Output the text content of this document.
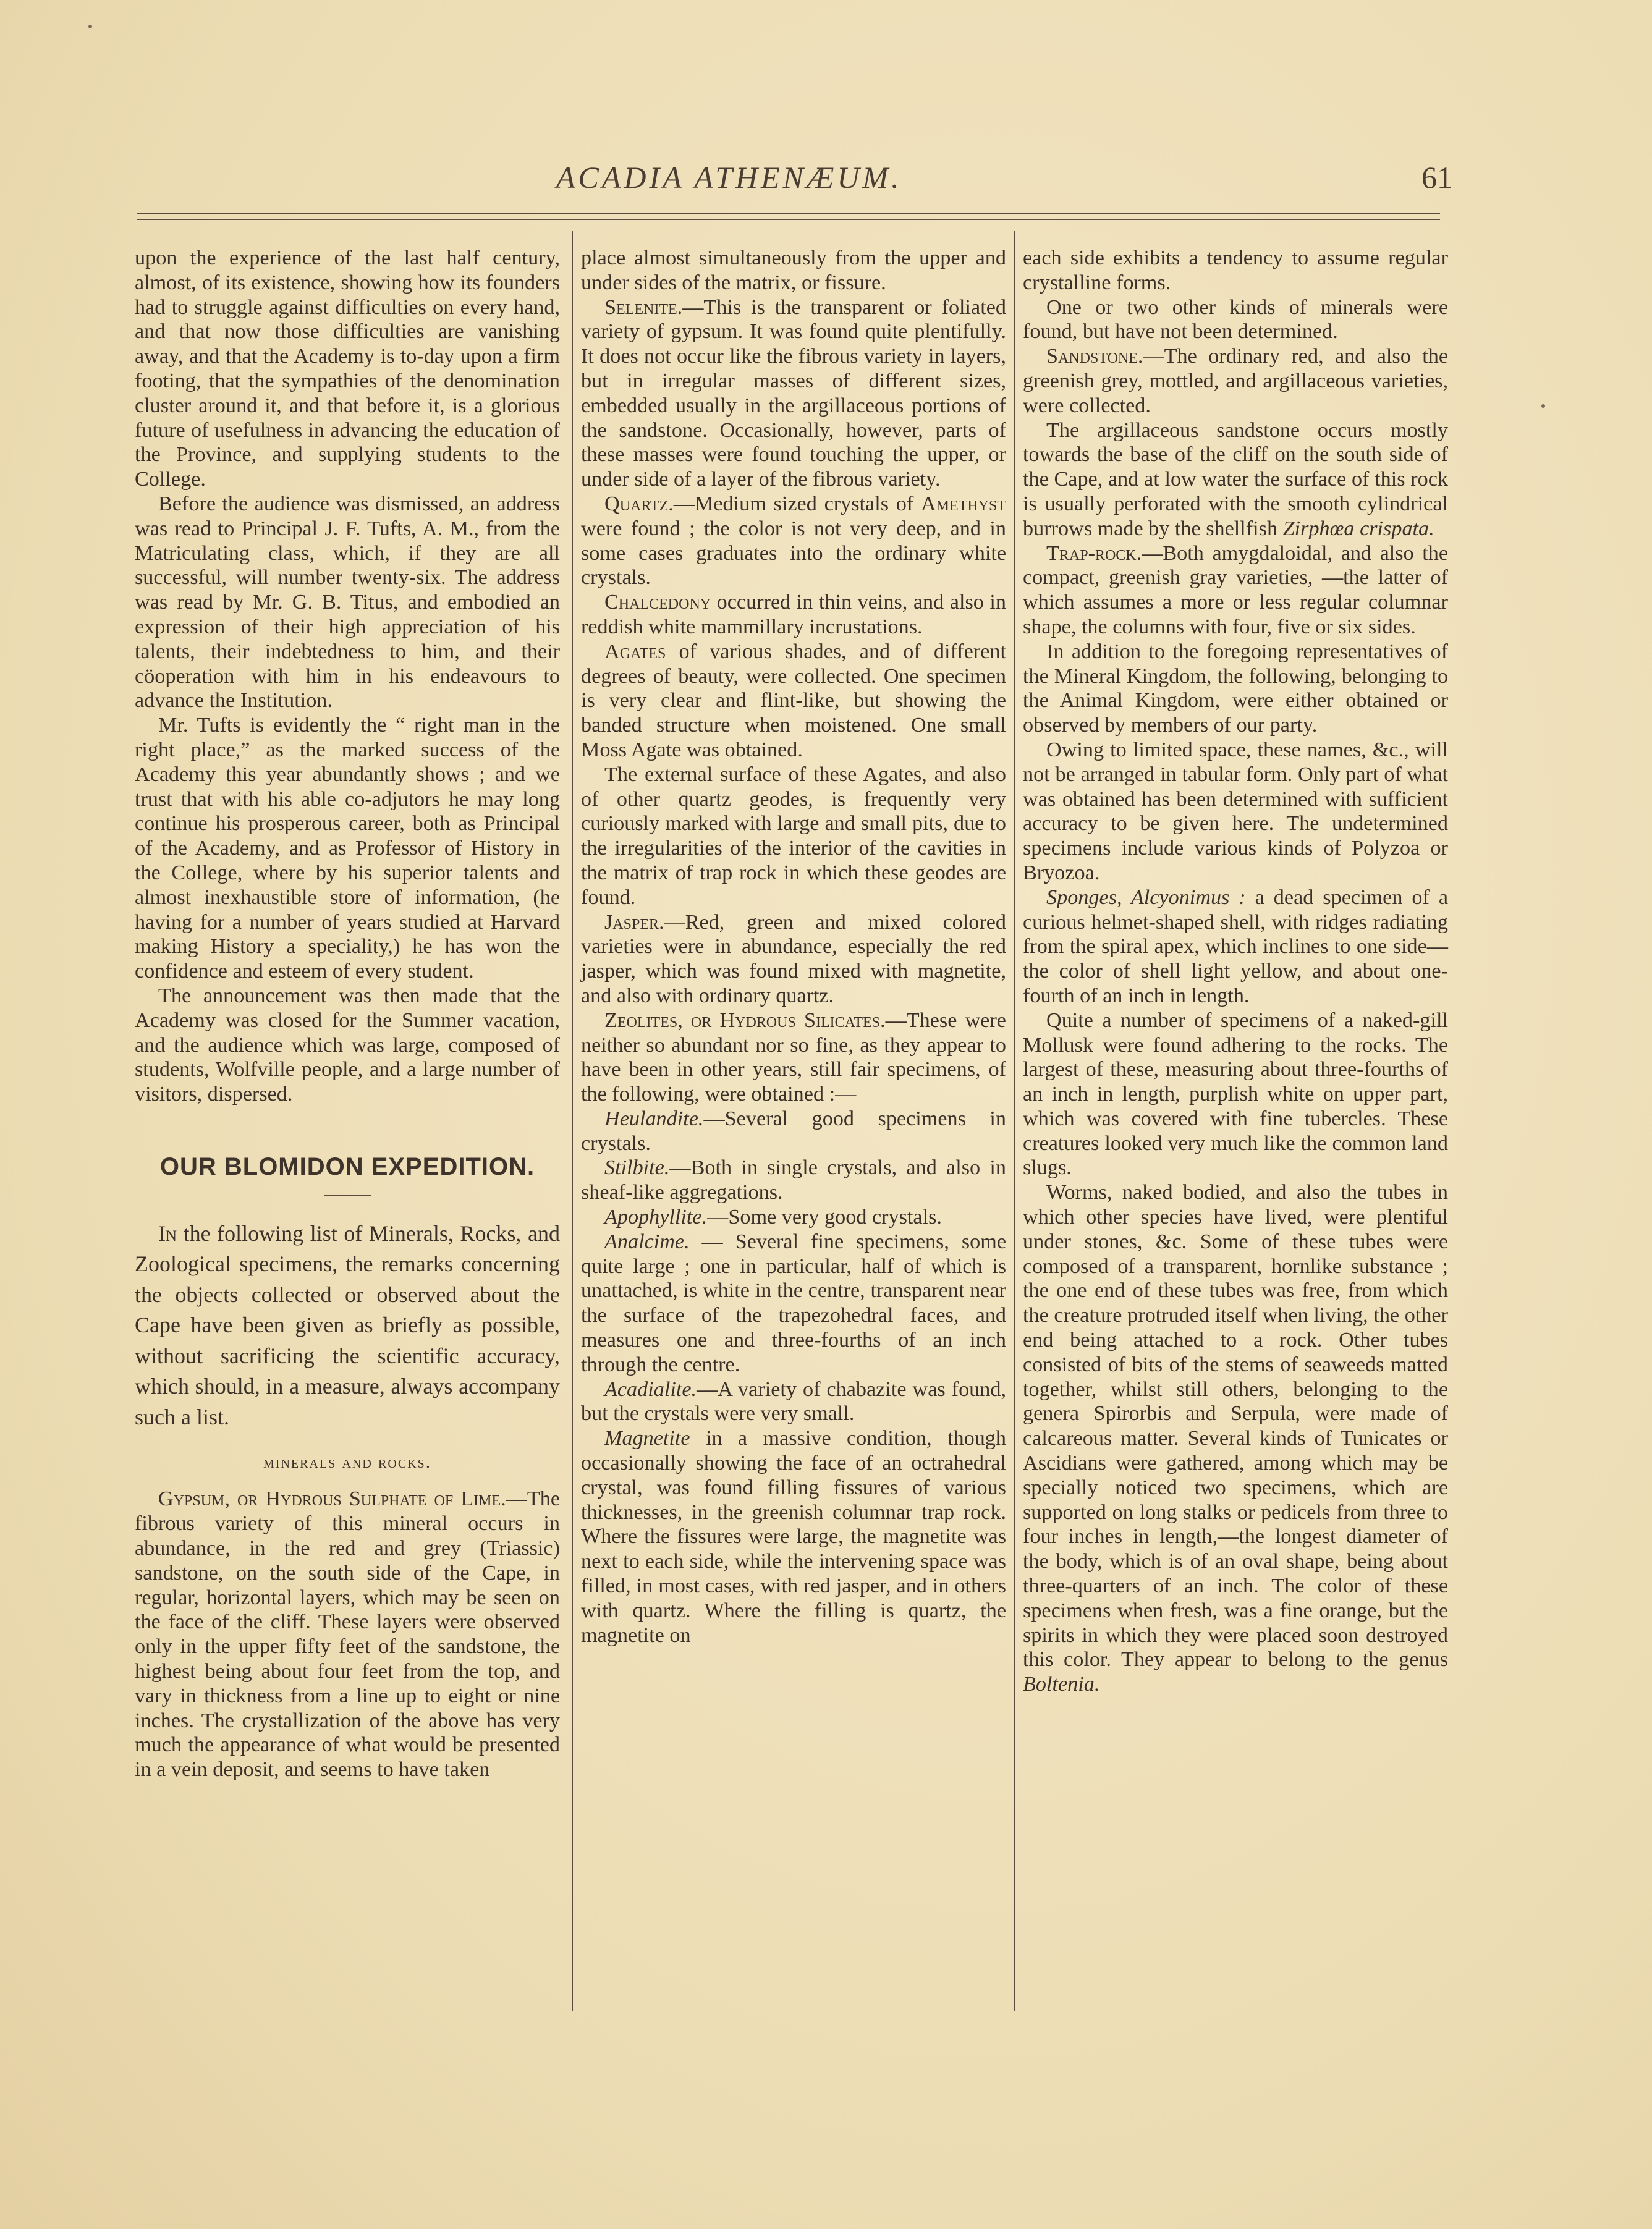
ACADIA ATHENÆUM.	61

upon the experience of the last half century, almost, of its existence, showing how its founders had to struggle against difficulties on every hand, and that now those difficulties are vanishing away, and that the Academy is to-day upon a firm footing, that the sympathies of the denomination cluster around it, and that before it, is a glorious future of usefulness in advancing the education of the Province, and supplying students to the College.

Before the audience was dismissed, an address was read to Principal J. F. Tufts, A. M., from the Matriculating class, which, if they are all successful, will number twenty-six. The address was read by Mr. G. B. Titus, and embodied an expression of their high appreciation of his talents, their indebtedness to him, and their cöoperation with him in his endeavours to advance the Institution.

Mr. Tufts is evidently the “ right man in the right place,” as the marked success of the Academy this year abundantly shows ; and we trust that with his able co-adjutors he may long continue his prosperous career, both as Principal of the Academy, and as Professor of History in the College, where by his superior talents and almost inexhaustible store of information, (he having for a number of years studied at Harvard making History a speciality,) he has won the confidence and esteem of every student.

The announcement was then made that the Academy was closed for the Summer vacation, and the audience which was large, composed of students, Wolfville people, and a large number of visitors, dispersed.

OUR BLOMIDON EXPEDITION.

In the following list of Minerals, Rocks, and Zoological specimens, the remarks concerning the objects collected or observed about the Cape have been given as briefly as possible, without sacrificing the scientific accuracy, which should, in a measure, always accompany such a list.

minerals and rocks.

Gypsum, or Hydrous Sulphate of Lime.—The fibrous variety of this mineral occurs in abundance, in the red and grey (Triassic) sandstone, on the south side of the Cape, in regular, horizontal layers, which may be seen on the face of the cliff. These layers were observed only in the upper fifty feet of the sandstone, the highest being about four feet from the top, and vary in thickness from a line up to eight or nine inches. The crystallization of the above has very much the appearance of what would be presented in a vein deposit, and seems to have taken

place almost simultaneously from the upper and under sides of the matrix, or fissure.

Selenite.—This is the transparent or foliated variety of gypsum. It was found quite plentifully. It does not occur like the fibrous variety in layers, but in irregular masses of different sizes, embedded usually in the argillaceous portions of the sandstone. Occasionally, however, parts of these masses were found touching the upper, or under side of a layer of the fibrous variety.

Quartz.—Medium sized crystals of Amethyst were found ; the color is not very deep, and in some cases graduates into the ordinary white crystals.

Chalcedony occurred in thin veins, and also in reddish white mammillary incrustations.

Agates of various shades, and of different degrees of beauty, were collected. One specimen is very clear and flint-like, but showing the banded structure when moistened. One small Moss Agate was obtained.

The external surface of these Agates, and also of other quartz geodes, is frequently very curiously marked with large and small pits, due to the irregularities of the interior of the cavities in the matrix of trap rock in which these geodes are found.

Jasper.—Red, green and mixed colored varieties were in abundance, especially the red jasper, which was found mixed with magnetite, and also with ordinary quartz.

Zeolites, or Hydrous Silicates.—These were neither so abundant nor so fine, as they appear to have been in other years, still fair specimens, of the following, were obtained :—

Heulandite.—Several good specimens in crystals.

Stilbite.—Both in single crystals, and also in sheaf-like aggregations.

Apophyllite.—Some very good crystals.

Analcime. — Several fine specimens, some quite large ; one in particular, half of which is unattached, is white in the centre, transparent near the surface of the trapezohedral faces, and measures one and three-fourths of an inch through the centre.

Acadialite.—A variety of chabazite was found, but the crystals were very small.

Magnetite in a massive condition, though occasionally showing the face of an octrahedral crystal, was found filling fissures of various thicknesses, in the greenish columnar trap rock. Where the fissures were large, the magnetite was next to each side, while the intervening space was filled, in most cases, with red jasper, and in others with quartz. Where the filling is quartz, the magnetite on

each side exhibits a tendency to assume regular crystalline forms.

One or two other kinds of minerals were found, but have not been determined.

Sandstone.—The ordinary red, and also the greenish grey, mottled, and argillaceous varieties, were collected.

The argillaceous sandstone occurs mostly towards the base of the cliff on the south side of the Cape, and at low water the surface of this rock is usually perforated with the smooth cylindrical burrows made by the shellfish Zirphœa crispata.

Trap-rock.—Both amygdaloidal, and also the compact, greenish gray varieties, —the latter of which assumes a more or less regular columnar shape, the columns with four, five or six sides.

In addition to the foregoing representatives of the Mineral Kingdom, the following, belonging to the Animal Kingdom, were either obtained or observed by members of our party.

Owing to limited space, these names, &c., will not be arranged in tabular form. Only part of what was obtained has been determined with sufficient accuracy to be given here. The undetermined specimens include various kinds of Polyzoa or Bryozoa.

Sponges, Alcyonimus : a dead specimen of a curious helmet-shaped shell, with ridges radiating from the spiral apex, which inclines to one side—the color of shell light yellow, and about one-fourth of an inch in length.

Quite a number of specimens of a naked-gill Mollusk were found adhering to the rocks. The largest of these, measuring about three-fourths of an inch in length, purplish white on upper part, which was covered with fine tubercles. These creatures looked very much like the common land slugs.

Worms, naked bodied, and also the tubes in which other species have lived, were plentiful under stones, &c. Some of these tubes were composed of a transparent, hornlike substance ; the one end of these tubes was free, from which the creature protruded itself when living, the other end being attached to a rock. Other tubes consisted of bits of the stems of seaweeds matted together, whilst still others, belonging to the genera Spirorbis and Serpula, were made of calcareous matter. Several kinds of Tunicates or Ascidians were gathered, among which may be specially noticed two specimens, which are supported on long stalks or pedicels from three to four inches in length,—the longest diameter of the body, which is of an oval shape, being about three-quarters of an inch. The color of these specimens when fresh, was a fine orange, but the spirits in which they were placed soon destroyed this color. They appear to belong to the genus Boltenia.
